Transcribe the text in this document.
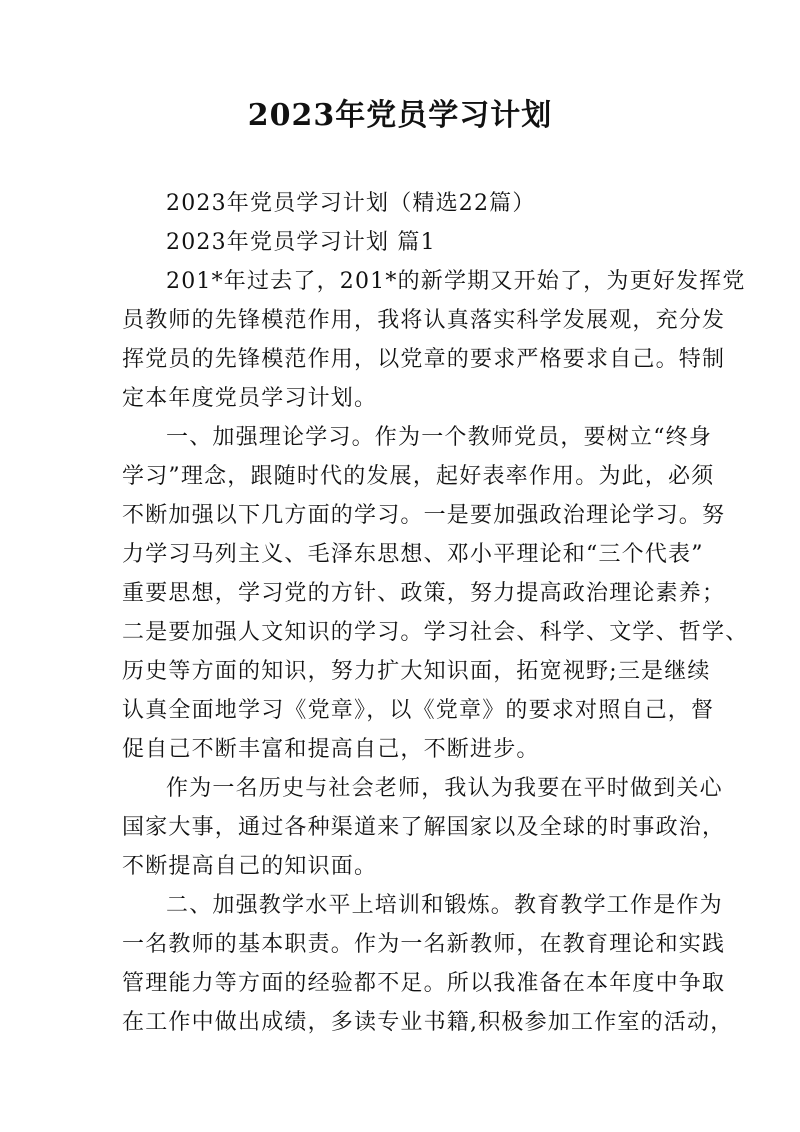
2023年党员学习计划
2023年党员学习计划（精选22篇）
2023年党员学习计划 篇1
201*年过去了，201*的新学期又开始了，为更好发挥党
员教师的先锋模范作用，我将认真落实科学发展观，充分发
挥党员的先锋模范作用，以党章的要求严格要求自己。特制
定本年度党员学习计划。
一、加强理论学习。作为一个教师党员，要树立“终身
学习”理念，跟随时代的发展，起好表率作用。为此，必须
不断加强以下几方面的学习。一是要加强政治理论学习。努
力学习马列主义、毛泽东思想、邓小平理论和“三个代表”
重要思想，学习党的方针、政策，努力提高政治理论素养；
二是要加强人文知识的学习。学习社会、科学、文学、哲学、
历史等方面的知识，努力扩大知识面，拓宽视野;三是继续
认真全面地学习《党章》，以《党章》的要求对照自己，督
促自己不断丰富和提高自己，不断进步。
作为一名历史与社会老师，我认为我要在平时做到关心
国家大事，通过各种渠道来了解国家以及全球的时事政治，
不断提高自己的知识面。
二、加强教学水平上培训和锻炼。教育教学工作是作为
一名教师的基本职责。作为一名新教师，在教育理论和实践
管理能力等方面的经验都不足。所以我准备在本年度中争取
在工作中做出成绩，多读专业书籍,积极参加工作室的活动，
